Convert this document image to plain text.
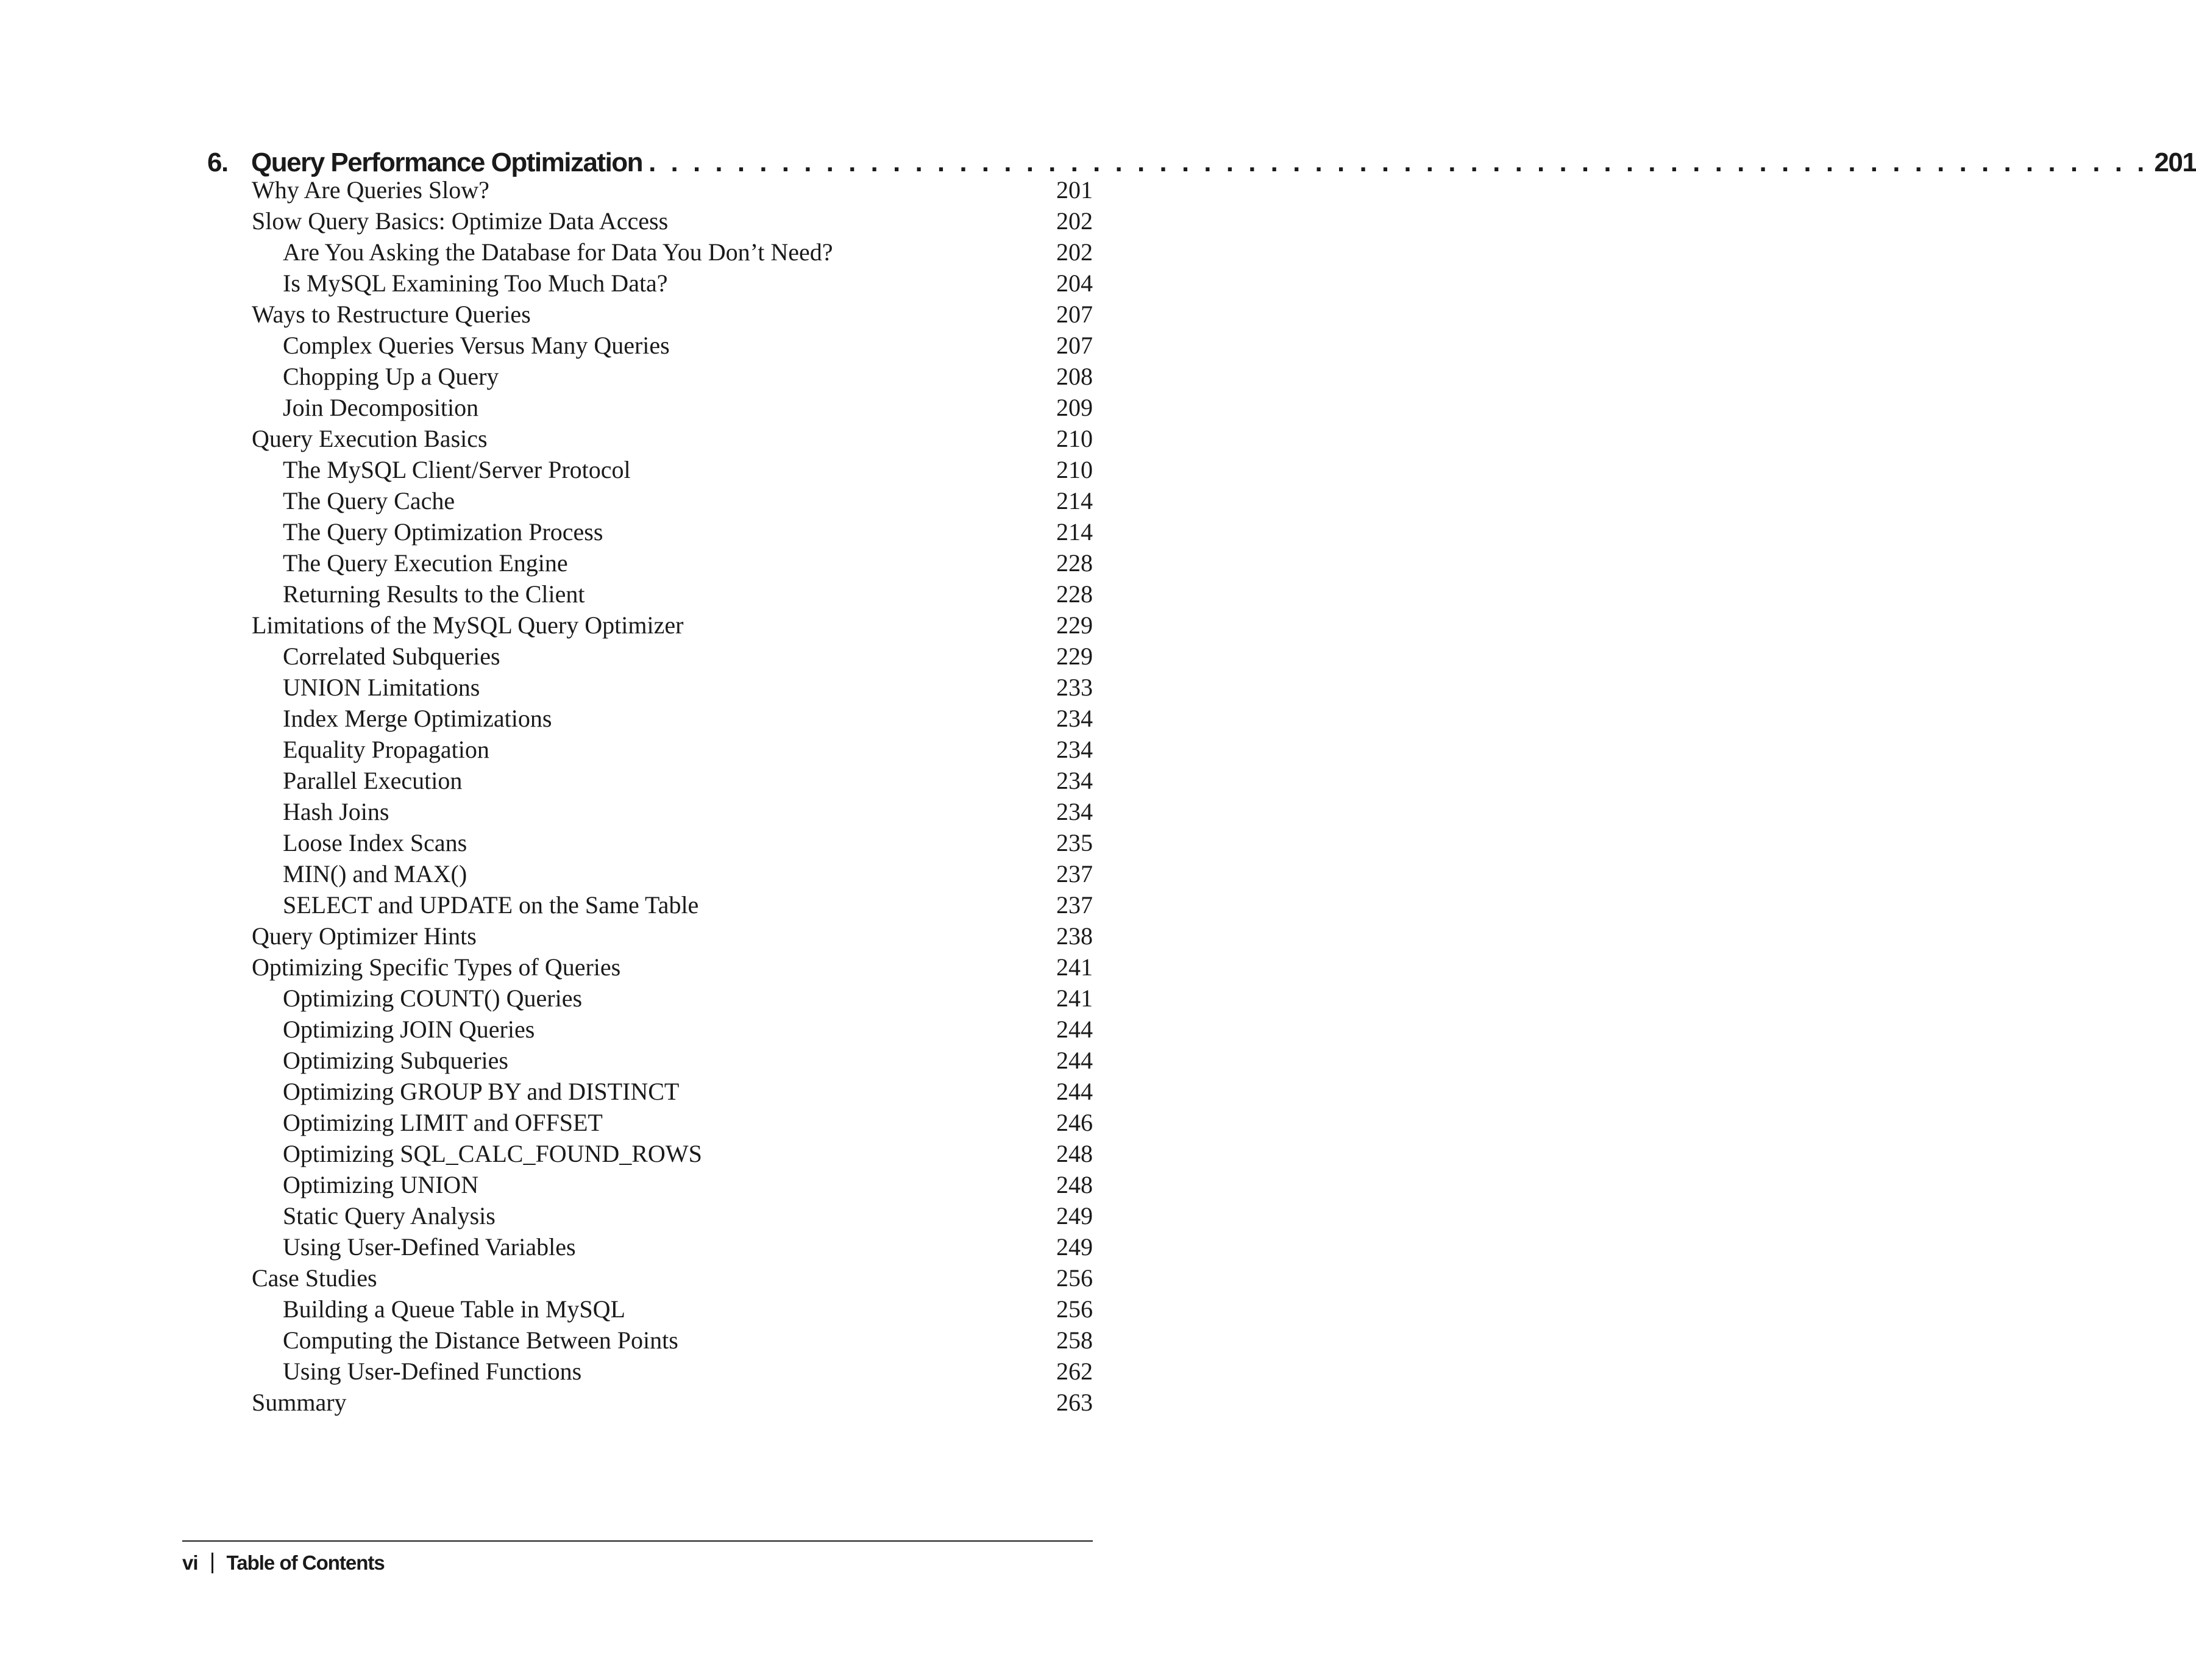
6. Query Performance Optimization . . . . . . . . . . . . . . . . . . . . . . . . . . . . . . . . . . . . . . . . . . . . . . . . . . . . . . . . . . . . . . . . . . . . 201
Why Are Queries Slow?	201
Slow Query Basics: Optimize Data Access	202
Are You Asking the Database for Data You Don’t Need?	202
Is MySQL Examining Too Much Data?	204
Ways to Restructure Queries	207
Complex Queries Versus Many Queries	207
Chopping Up a Query	208
Join Decomposition	209
Query Execution Basics	210
The MySQL Client/Server Protocol	210
The Query Cache	214
The Query Optimization Process	214
The Query Execution Engine	228
Returning Results to the Client	228
Limitations of the MySQL Query Optimizer	229
Correlated Subqueries	229
UNION Limitations	233
Index Merge Optimizations	234
Equality Propagation	234
Parallel Execution	234
Hash Joins	234
Loose Index Scans	235
MIN() and MAX()	237
SELECT and UPDATE on the Same Table	237
Query Optimizer Hints	238
Optimizing Specific Types of Queries	241
Optimizing COUNT() Queries	241
Optimizing JOIN Queries	244
Optimizing Subqueries	244
Optimizing GROUP BY and DISTINCT	244
Optimizing LIMIT and OFFSET	246
Optimizing SQL_CALC_FOUND_ROWS	248
Optimizing UNION	248
Static Query Analysis	249
Using User-Defined Variables	249
Case Studies	256
Building a Queue Table in MySQL	256
Computing the Distance Between Points	258
Using User-Defined Functions	262
Summary	263
vi Table of Contents
